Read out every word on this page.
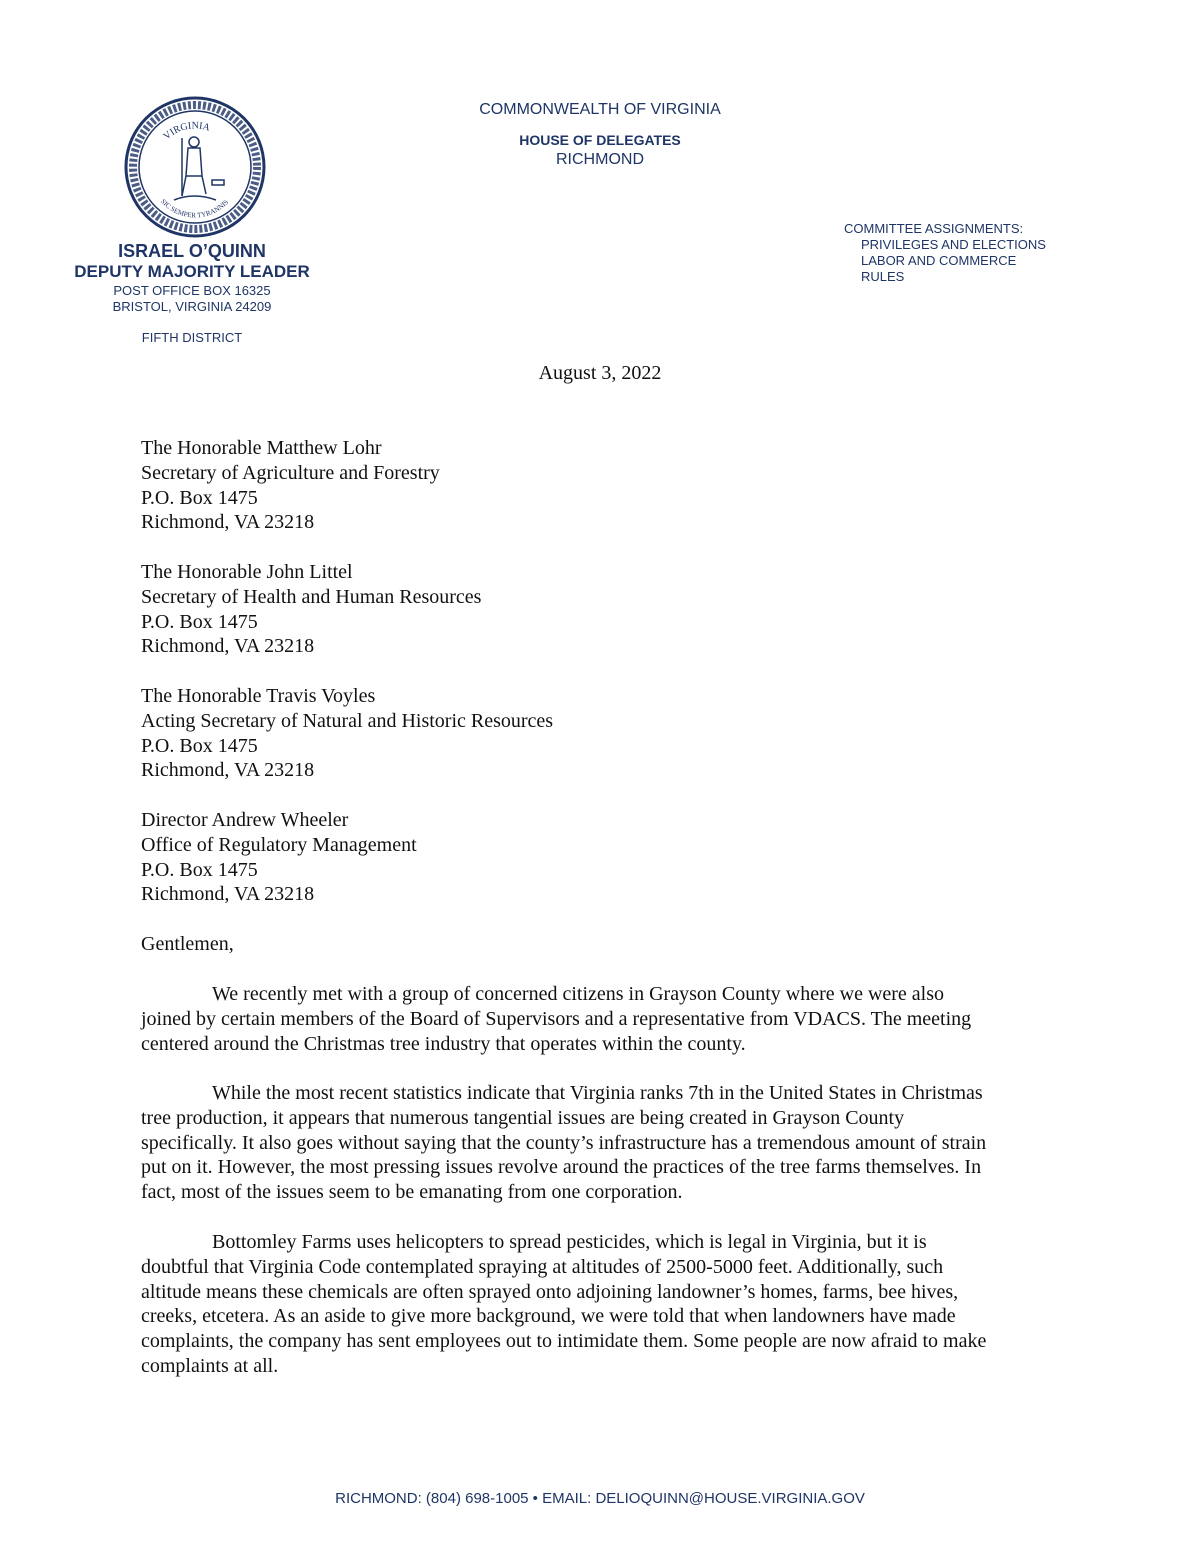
VIRGINIA
SIC SEMPER TYRANNIS
ISRAEL O’QUINN
DEPUTY MAJORITY LEADER
POST OFFICE BOX 16325
BRISTOL, VIRGINIA 24209
FIFTH DISTRICT
COMMONWEALTH OF VIRGINIA
HOUSE OF DELEGATES
RICHMOND
COMMITTEE ASSIGNMENTS:
PRIVILEGES AND ELECTIONS
LABOR AND COMMERCE
RULES
August 3, 2022
The Honorable Matthew Lohr
Secretary of Agriculture and Forestry
P.O. Box 1475
Richmond, VA 23218
The Honorable John Littel
Secretary of Health and Human Resources
P.O. Box 1475
Richmond, VA 23218
The Honorable Travis Voyles
Acting Secretary of Natural and Historic Resources
P.O. Box 1475
Richmond, VA 23218
Director Andrew Wheeler
Office of Regulatory Management
P.O. Box 1475
Richmond, VA 23218
Gentlemen,
We recently met with a group of concerned citizens in Grayson County where we were also
joined by certain members of the Board of Supervisors and a representative from VDACS. The meeting
centered around the Christmas tree industry that operates within the county.
While the most recent statistics indicate that Virginia ranks 7th in the United States in Christmas
tree production, it appears that numerous tangential issues are being created in Grayson County
specifically. It also goes without saying that the county’s infrastructure has a tremendous amount of strain
put on it. However, the most pressing issues revolve around the practices of the tree farms themselves. In
fact, most of the issues seem to be emanating from one corporation.
Bottomley Farms uses helicopters to spread pesticides, which is legal in Virginia, but it is
doubtful that Virginia Code contemplated spraying at altitudes of 2500-5000 feet. Additionally, such
altitude means these chemicals are often sprayed onto adjoining landowner’s homes, farms, bee hives,
creeks, etcetera. As an aside to give more background, we were told that when landowners have made
complaints, the company has sent employees out to intimidate them. Some people are now afraid to make
complaints at all.
RICHMOND: (804) 698-1005 • EMAIL: DELIOQUINN@HOUSE.VIRGINIA.GOV
